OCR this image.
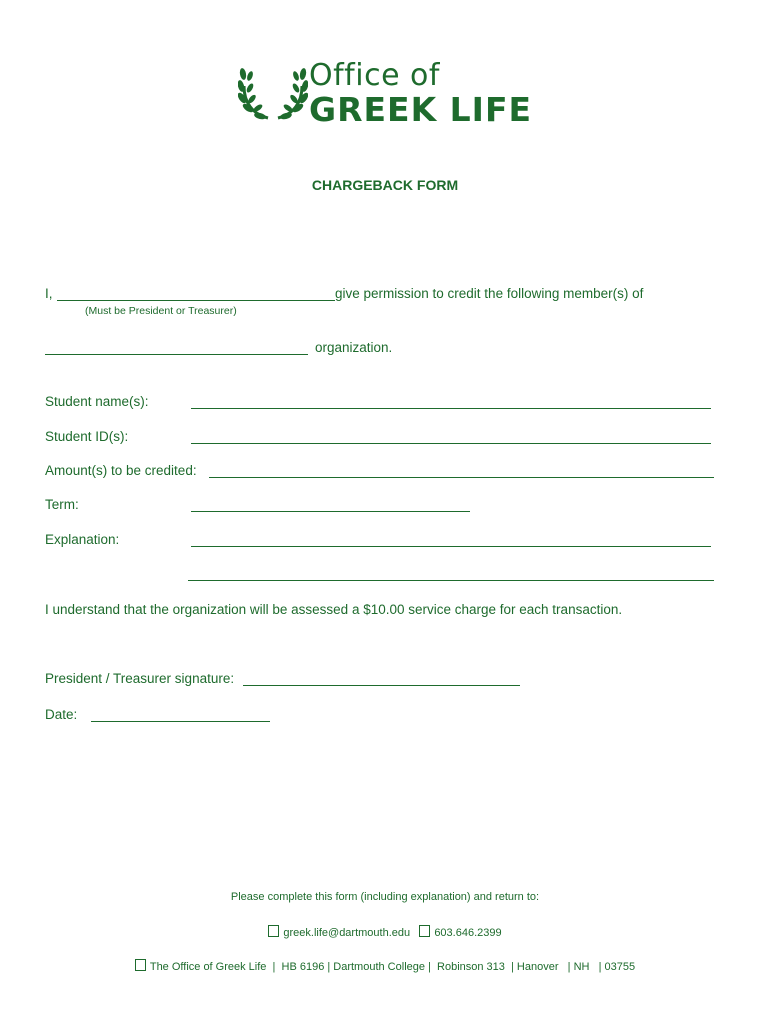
Office of
GREEK LIFE
CHARGEBACK FORM
I,	give permission to credit the following member(s) of
(Must be President or Treasurer)
organization.
Student name(s):
Student ID(s):
Amount(s) to be credited:
Term:
Explanation:
I understand that the organization will be assessed a $10.00 service charge for each transaction.
President / Treasurer signature:
Date:
Please complete this form (including explanation) and return to:
greek.life@dartmouth.edu 603.646.2399
The Office of Greek Life  |  HB 6196 | Dartmouth College |  Robinson 313  | Hanover   | NH   | 03755
